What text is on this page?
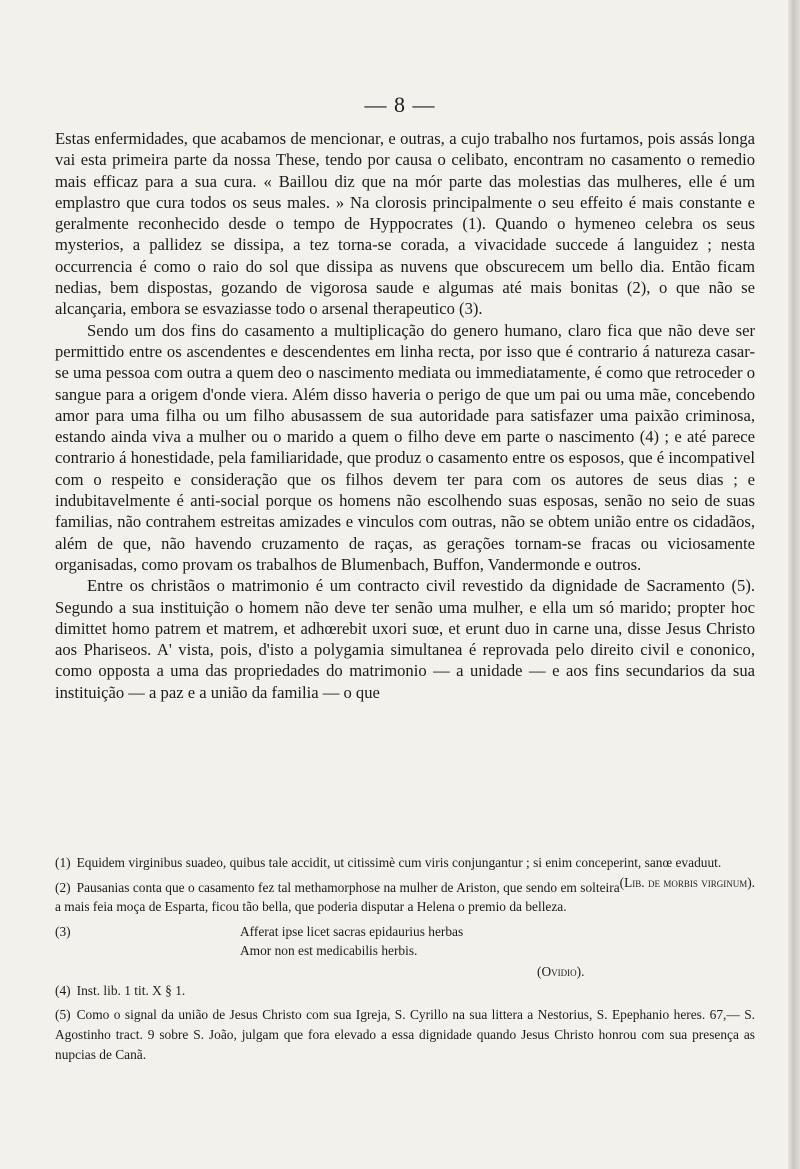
— 8 —

Estas enfermidades, que acabamos de mencionar, e outras, a cujo trabalho nos furtamos, pois assás longa vai esta primeira parte da nossa These, tendo por causa o celibato, encontram no casamento o remedio mais efficaz para a sua cura. « Baillou diz que na mór parte das molestias das mulheres, elle é um emplastro que cura todos os seus males. » Na clorosis principalmente o seu effeito é mais constante e geralmente reconhecido desde o tempo de Hyppocrates (1). Quando o hymeneo celebra os seus mysterios, a pallidez se dissipa, a tez torna-se corada, a vivacidade succede á languidez ; nesta occurrencia é como o raio do sol que dissipa as nuvens que obscurecem um bello dia. Então ficam nedias, bem dispostas, gozando de vigorosa saude e algumas até mais bonitas (2), o que não se alcançaria, embora se esvaziasse todo o arsenal therapeutico (3).

Sendo um dos fins do casamento a multiplicação do genero humano, claro fica que não deve ser permittido entre os ascendentes e descendentes em linha recta, por isso que é contrario á natureza casar-se uma pessoa com outra a quem deo o nascimento mediata ou immediatamente, é como que retroceder o sangue para a origem d'onde viera. Além disso haveria o perigo de que um pai ou uma mãe, concebendo amor para uma filha ou um filho abusassem de sua autoridade para satisfazer uma paixão criminosa, estando ainda viva a mulher ou o marido a quem o filho deve em parte o nascimento (4) ; e até parece contrario á honestidade, pela familiaridade, que produz o casamento entre os esposos, que é incompativel com o respeito e consideração que os filhos devem ter para com os autores de seus dias ; e indubitavelmente é anti-social porque os homens não escolhendo suas esposas, senão no seio de suas familias, não contrahem estreitas amizades e vinculos com outras, não se obtem união entre os cidadãos, além de que, não havendo cruzamento de raças, as gerações tornam-se fracas ou viciosamente organisadas, como provam os trabalhos de Blumenbach, Buffon, Vandermonde e outros.

Entre os christãos o matrimonio é um contracto civil revestido da dignidade de Sacramento (5). Segundo a sua instituição o homem não deve ter senão uma mulher, e ella um só marido; propter hoc dimittet homo patrem et matrem, et adhœrebit uxori suœ, et erunt duo in carne una, disse Jesus Christo aos Phariseos. A' vista, pois, d'isto a polygamia simultanea é reprovada pelo direito civil e cononico, como opposta a uma das propriedades do matrimonio — a unidade — e aos fins secundarios da sua instituição — a paz e a união da familia — o que

(1) Equidem virginibus suadeo, quibus tale accidit, ut citissimè cum viris conjungantur ; si enim conceperint, sanœ evaduut.
(Lib. de morbis virginum).

(2) Pausanias conta que o casamento fez tal methamorphose na mulher de Ariston, que sendo em solteira a mais feia moça de Esparta, ficou tão bella, que poderia disputar a Helena o premio da belleza.

(3)	Afferat ipse licet sacras epidaurius herbas
Amor non est medicabilis herbis.
(Ovidio).

(4) Inst. lib. 1 tit. X § 1.

(5) Como o signal da união de Jesus Christo com sua Igreja, S. Cyrillo na sua littera a Nestorius, S. Epephanio heres. 67,— S. Agostinho tract. 9 sobre S. João, julgam que fora elevado a essa dignidade quando Jesus Christo honrou com sua presença as nupcias de Canã.
